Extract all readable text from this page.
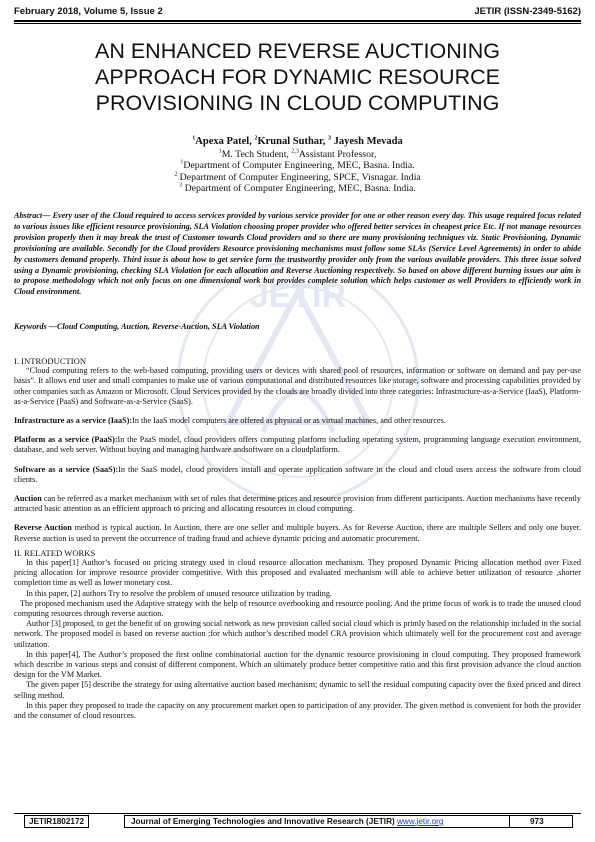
February 2018, Volume 5, Issue 2	JETIR (ISSN-2349-5162)
JETIR
AN ENHANCED REVERSE AUCTIONING
APPROACH FOR DYNAMIC RESOURCE
PROVISIONING IN CLOUD COMPUTING
$^1$Apexa Patel, $^2$Krunal Suthar, $^3$ Jayesh Mevada
$^1$M. Tech Student, $^{2,3}$Assistant Professor,
$^1$Department of Computer Engineering, MEC, Basna. India.
$^2$ Department of Computer Engineering, SPCE, Visnagar. India
$^3$ Department of Computer Engineering, MEC, Basna. India.
Abstract— Every user of the Cloud required to access services provided by various service provider for one or other reason every day. This usage required focus related to various issues like efficient resource provisioning, SLA Violation choosing proper provider who offered better services in cheapest price Etc. If not manage resources provision properly then it may break the trust of Customer towards Cloud providers and so there are many provisioning techniques viz. Static Provisioning, Dynamic provisioning are available. Secondly for the Cloud providers Resource provisioning mechanisms must follow some SLAs (Service Level Agreements) in order to abide by customers demand properly. Third issue is about how to get service form the trustworthy provider only from the various available providers. This three issue solved using a Dynamic provisioning, checking SLA Violation for each allocation and Reverse Auctioning respectively. So based on above different burning issues our aim is to propose methodology which not only focus on one dimensional work but provides complete solution which helps customer as well Providers to efficiently work in Cloud environment.
Keywords —Cloud Computing, Auction, Reverse-Auction, SLA Violation

I. INTRODUCTION

“Cloud computing refers to the web-based computing, providing users or devices with shared pool of resources, information or software on demand and pay per-use basis”. It allows end user and small companies to make use of various computational and distributed resources like storage, software and processing capabilities provided by other companies such as Amazon or Microsoft. Cloud Services provided by the clouds are broadly divided into three categories: Infrastructure-as-a-Service (IaaS), Platform-as-a-Service (PaaS) and Software-as-a-Service (SaaS).

Infrastructure as a service (IaaS):In the IaaS model computers are offered as physical or as virtual machines, and other resources.

Platform as a service (PaaS):In the PaaS model, cloud providers offers computing platform including operating system, programming language execution environment, database, and web server. Without buying and managing hardware andsoftware on a cloudplatform.

Software as a service (SaaS):In the SaaS model, cloud providers install and operate application software in the cloud and cloud users access the software from cloud clients.

Auction can be referred as a market mechanism with set of rules that determine prices and resource provision from different participants. Auction mechanisms have recently attracted basic attention as an efficient approach to pricing and allocating resources in cloud computing.

Reverse Auction method is typical auction. In Auction, there are one seller and multiple buyers. As for Reverse Auction, there are multiple Sellers and only one buyer. Reverse auction is used to prevent the occurrence of trading fraud and achieve dynamic pricing and automatic procurement.

II. RELATED WORKS

In this paper[1] Author’s focused on pricing strategy used in cloud resource allocation mechanism. They proposed Dynamic Pricing allocation method over Fixed pricing allocation for improve resource provider competitive. With this proposed and evaluated mechanism will able to achieve better utilization of resource ,shorter completion time as well as lower monetary cost.

In this paper, [2] authors Try to resolve the problem of unused resource utilization by trading.

The proposed mechanism used the Adaptive strategy with the help of resource overbooking and resource pooling. And the prime focus of work is to trade the unused cloud computing resources through reverse auction.

Author [3] proposed, to get the benefit of on growing social network as new provision called social cloud which is primly based on the relationship included in the social network. The proposed model is based on reverse auction ;for which author’s described model CRA provision which ultimately well for the procurement cost and average utilization.

In this paper[4], The Author’s proposed the first online combinatorial auction for the dynamic resource provisioning in cloud computing. They proposed framework which describe in various steps and consist of different component. Which an ultimately produce better competitive ratio and this first provision advance the cloud auction design for the VM Market.

The given paper [5] describe the strategy for using alternative auction based mechanism; dynamic to sell the residual computing capacity over the fixed priced and direct selling method.

In this paper they proposed to trade the capacity on any procurement market open to participation of any provider. The given method is convenient for both the provider and the consumer of cloud resources.

JETIR1802172	Journal of Emerging Technologies and Innovative Research (JETIR) www.jetir.org	973
